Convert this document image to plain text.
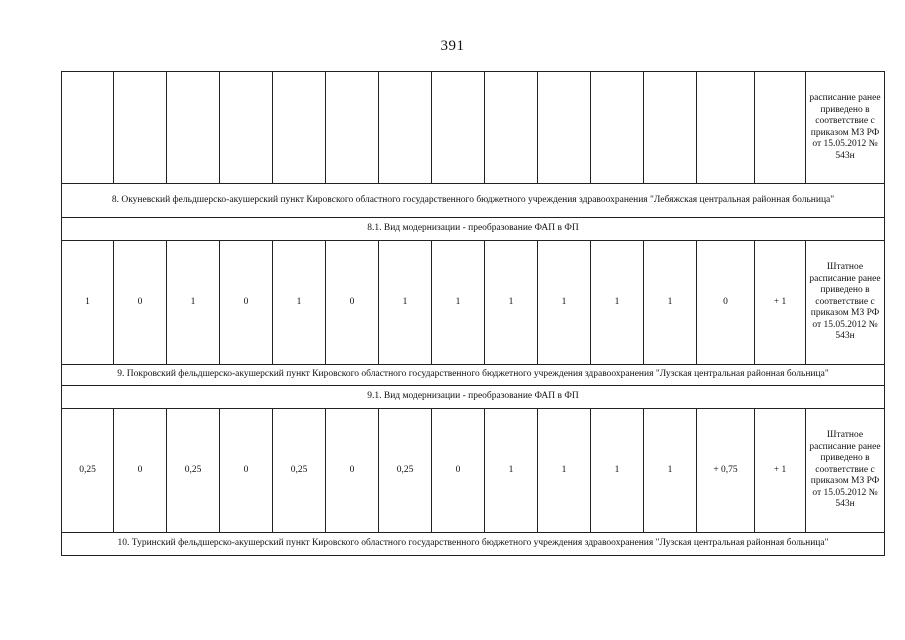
391
														расписание ранее приведено в соответствие с приказом МЗ РФ от 15.05.2012 № 543н
8. Окуневский фельдшерско-акушерский пункт Кировского областного государственного бюджетного учреждения здравоохранения "Лебяжская центральная районная больница"														
8.1. Вид модернизации - преобразование ФАП в ФП														
1	0	1	0	1	0	1	1	1	1	1	1	0	+ 1	Штатное расписание ранее приведено в соответствие с приказом МЗ РФ от 15.05.2012 № 543н
9. Покровский фельдшерско-акушерский пункт Кировского областного государственного бюджетного учреждения здравоохранения "Лузская центральная районная больница"														
9.1. Вид модернизации - преобразование ФАП в ФП														
0,25	0	0,25	0	0,25	0	0,25	0	1	1	1	1	+ 0,75	+ 1	Штатное расписание ранее приведено в соответствие с приказом МЗ РФ от 15.05.2012 № 543н
10. Туринский фельдшерско-акушерский пункт Кировского областного государственного бюджетного учреждения здравоохранения "Лузская центральная районная больница"														
